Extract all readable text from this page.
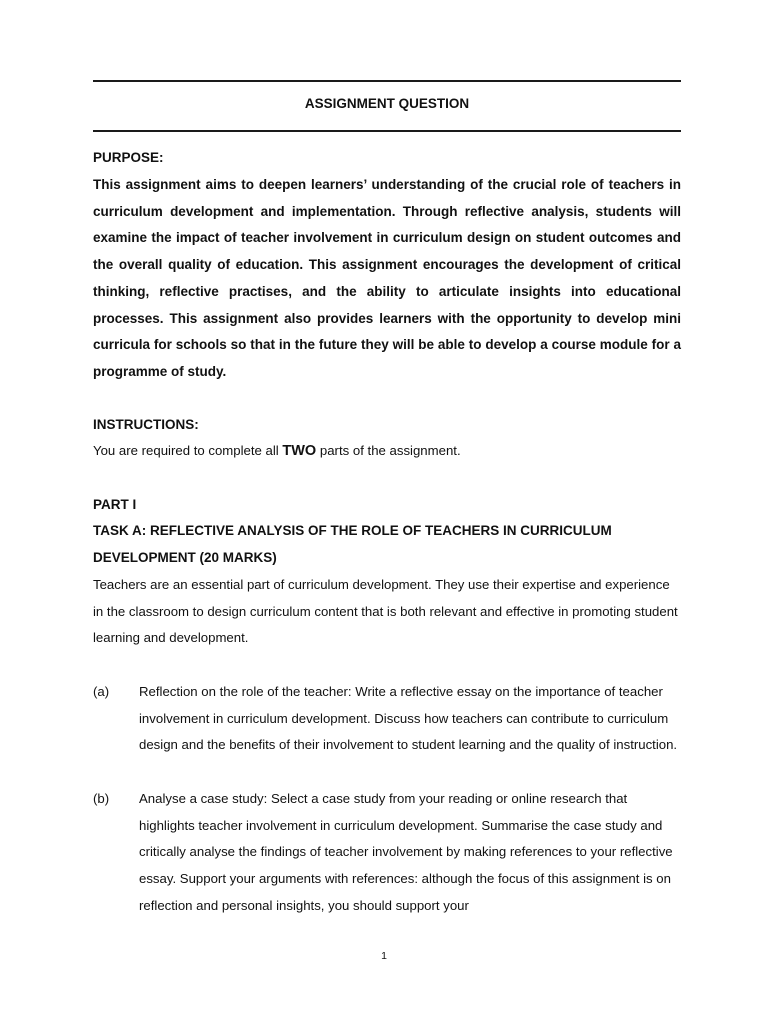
ASSIGNMENT QUESTION
PURPOSE:
This assignment aims to deepen learners’ understanding of the crucial role of teachers in curriculum development and implementation. Through reflective analysis, students will examine the impact of teacher involvement in curriculum design on student outcomes and the overall quality of education. This assignment encourages the development of critical thinking, reflective practises, and the ability to articulate insights into educational processes. This assignment also provides learners with the opportunity to develop mini curricula for schools so that in the future they will be able to develop a course module for a programme of study.
INSTRUCTIONS:
You are required to complete all TWO parts of the assignment.
PART I
TASK A: REFLECTIVE ANALYSIS OF THE ROLE OF TEACHERS IN CURRICULUM DEVELOPMENT (20 MARKS)
Teachers are an essential part of curriculum development. They use their expertise and experience in the classroom to design curriculum content that is both relevant and effective in promoting student learning and development.
(a)	Reflection on the role of the teacher: Write a reflective essay on the importance of teacher involvement in curriculum development. Discuss how teachers can contribute to curriculum design and the benefits of their involvement to student learning and the quality of instruction.
(b)	Analyse a case study: Select a case study from your reading or online research that highlights teacher involvement in curriculum development. Summarise the case study and critically analyse the findings of teacher involvement by making references to your reflective essay. Support your arguments with references: although the focus of this assignment is on reflection and personal insights, you should support your
1
